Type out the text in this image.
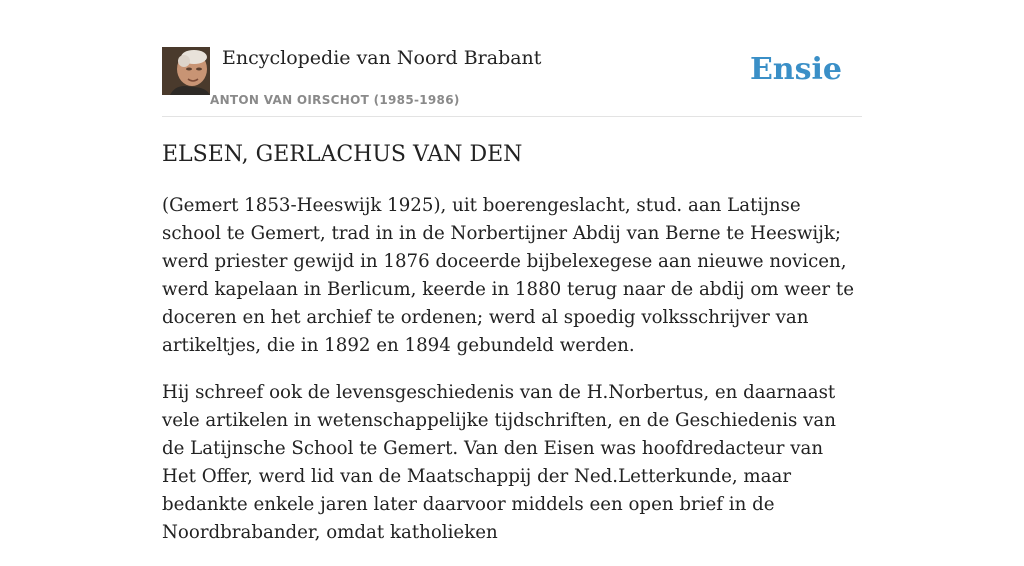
Encyclopedie van Noord Brabant
ANTON VAN OIRSCHOT (1985-1986)
Ensie
ELSEN, GERLACHUS VAN DEN

(Gemert 1853-Heeswijk 1925), uit boerengeslacht, stud. aan Latijnse school te Gemert, trad in in de Norbertijner Abdij van Berne te Heeswijk; werd priester gewijd in 1876 doceerde bijbelexegese aan nieuwe novicen, werd kapelaan in Berlicum, keerde in 1880 terug naar de abdij om weer te doceren en het archief te ordenen; werd al spoedig volksschrijver van artikeltjes, die in 1892 en 1894 gebundeld werden.

Hij schreef ook de levensgeschiedenis van de H.Norbertus, en daarnaast vele artikelen in wetenschappelijke tijdschriften, en de Geschiedenis van de Latijnsche School te Gemert. Van den Eisen was hoofdredacteur van Het Offer, werd lid van de Maatschappij der Ned.Letterkunde, maar bedankte enkele jaren later daarvoor middels een open brief in de Noordbrabander, omdat katholieken
